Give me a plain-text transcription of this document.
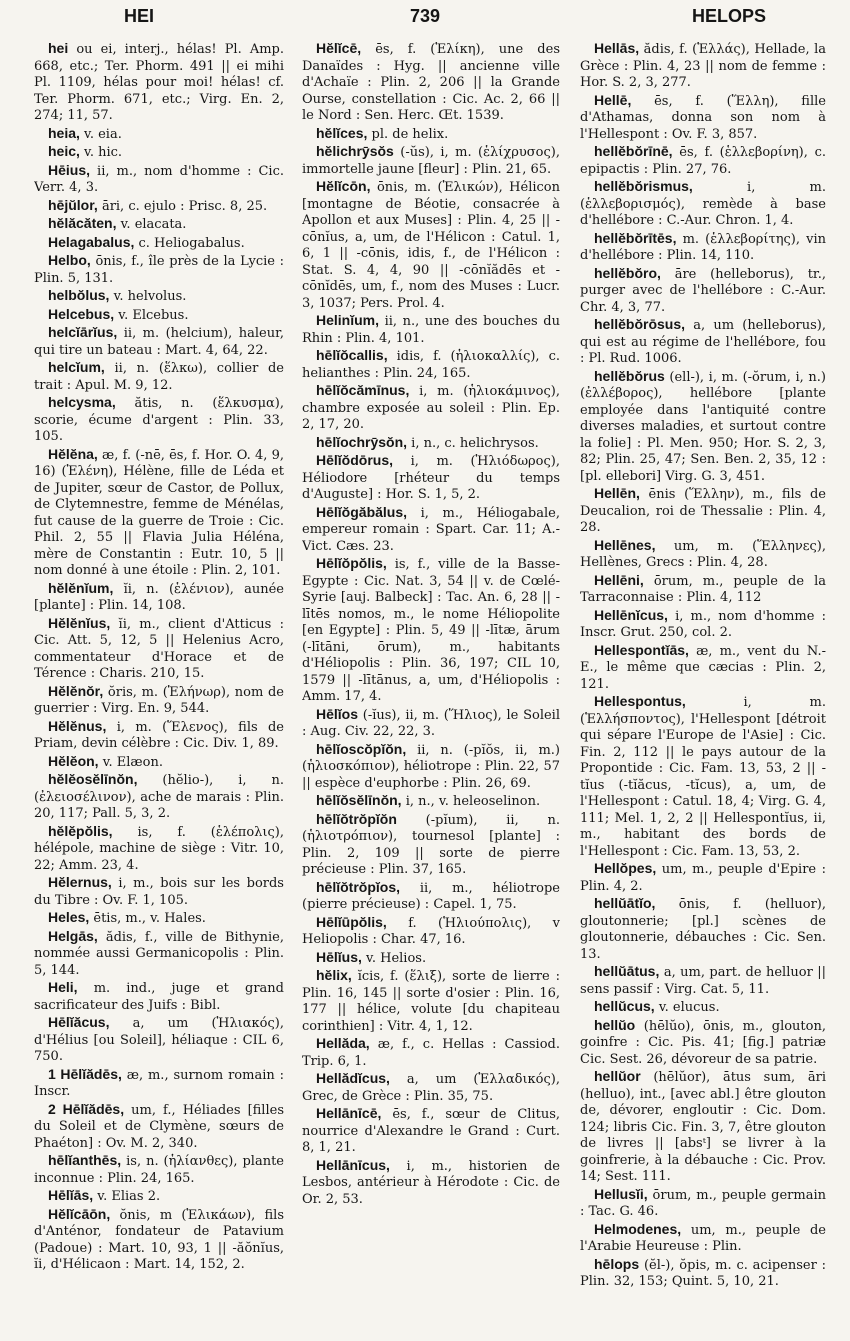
HEI	739	HELOPS

hei ou ei, interj., hélas! Pl. Amp. 668, etc.; Ter. Phorm. 491 || ei mihi Pl. 1109, hélas pour moi! hélas! cf. Ter. Phorm. 671, etc.; Virg. En. 2, 274; 11, 57.

heia, v. eia.

heic, v. hic.

Hēius, ii, m., nom d'homme : Cic. Verr. 4, 3.

hējŭlor, āri, c. ejulo : Prisc. 8, 25.

hĕlăcăten, v. elacata.

Helagabalus, c. Heliogabalus.

Helbo, ōnis, f., île près de la Lycie : Plin. 5, 131.

helbŏlus, v. helvolus.

Helcebus, v. Elcebus.

helcĭārĭus, ii, m. (helcium), haleur, qui tire un bateau : Mart. 4, 64, 22.

helcĭum, ii, n. (ἕλκω), collier de trait : Apul. M. 9, 12.

helcysma, ătis, n. (ἕλκυσμα), scorie, écume d'argent : Plin. 33, 105.

Hĕlĕna, æ, f. (-nē, ēs, f. Hor. O. 4, 9, 16) (Ἑλένη), Hélène, fille de Léda et de Jupiter, sœur de Castor, de Pollux, de Clytemnestre, femme de Ménélas, fut cause de la guerre de Troie : Cic. Phil. 2, 55 || Flavia Julia Héléna, mère de Constantin : Eutr. 10, 5 || nom donné à une étoile : Plin. 2, 101.

hĕlĕnĭum, ĭi, n. (ἑλένιον), aunée [plante] : Plin. 14, 108.

Hĕlĕnĭus, ĭi, m., client d'Atticus : Cic. Att. 5, 12, 5 || Helenius Acro, commentateur d'Horace et de Térence : Charis. 210, 15.

Hĕlĕnŏr, ŏris, m. (Ἑλήνωρ), nom de guerrier : Virg. En. 9, 544.

Hĕlĕnus, i, m. (Ἕλενος), fils de Priam, devin célèbre : Cic. Div. 1, 89.

Hĕlĕon, v. Elæon.

hĕlĕosĕlīnŏn, (hĕlio-), i, n. (ἐλειοσέλινον), ache de marais : Plin. 20, 117; Pall. 5, 3, 2.

hĕlĕpŏlis, is, f. (ἑλέπολις), hélépole, machine de siège : Vitr. 10, 22; Amm. 23, 4.

Hĕlernus, i, m., bois sur les bords du Tibre : Ov. F. 1, 105.

Heles, ētis, m., v. Hales.

Helgās, ădis, f., ville de Bithynie, nommée aussi Germanicopolis : Plin. 5, 144.

Heli, m. ind., juge et grand sacrificateur des Juifs : Bibl.

Hēlĭăcus, a, um (Ἡλιακός), d'Hélius [ou Soleil], héliaque : CIL 6, 750.

1 Hēlĭădēs, æ, m., surnom romain : Inscr.

2 Hēlĭădēs, um, f., Héliades [filles du Soleil et de Clymène, sœurs de Phaéton] : Ov. M. 2, 340.

hēlĭanthēs, is, n. (ἡλίανθες), plante inconnue : Plin. 24, 165.

Hēlĭās, v. Elias 2.

Hĕlĭcāōn, ŏnis, m (Ἑλικάων), fils d'Anténor, fondateur de Patavium (Padoue) : Mart. 10, 93, 1 || -ăŏnĭus, ĭi, d'Hélicaon : Mart. 14, 152, 2.

Hĕlĭcē, ēs, f. (Ἑλίκη), une des Danaïdes : Hyg. || ancienne ville d'Achaïe : Plin. 2, 206 || la Grande Ourse, constellation : Cic. Ac. 2, 66 || le Nord : Sen. Herc. Œt. 1539.

hĕlĭces, pl. de helix.

hĕlichrȳsŏs (-ŭs), i, m. (ἑλίχρυσος), immortelle jaune [fleur] : Plin. 21, 65.

Hĕlĭcōn, ōnis, m. (Ἑλικών), Hélicon [montagne de Béotie, consacrée à Apollon et aux Muses] : Plin. 4, 25 || -cōnĭus, a, um, de l'Hélicon : Catul. 1, 6, 1 || -cōnis, idis, f., de l'Hélicon : Stat. S. 4, 4, 90 || -cōnĭădēs et -cōnĭdēs, um, f., nom des Muses : Lucr. 3, 1037; Pers. Prol. 4.

Helinĭum, ii, n., une des bouches du Rhin : Plin. 4, 101.

hēlĭŏcallis, idis, f. (ἡλιοκαλλίς), c. helianthes : Plin. 24, 165.

hēlĭŏcămīnus, i, m. (ἡλιοκάμινος), chambre exposée au soleil : Plin. Ep. 2, 17, 20.

hēlĭochrȳsŏn, i, n., c. helichrysos.

Hēlĭŏdōrus, i, m. (Ἡλιόδωρος), Héliodore [rhéteur du temps d'Auguste] : Hor. S. 1, 5, 2.

Hēlĭŏgăbălus, i, m., Héliogabale, empereur romain : Spart. Car. 11; A.-Vict. Cæs. 23.

Hēlĭŏpŏlis, is, f., ville de la Basse-Egypte : Cic. Nat. 3, 54 || v. de Cœlé-Syrie [auj. Balbeck] : Tac. An. 6, 28 || -lītēs nomos, m., le nome Héliopolite [en Egypte] : Plin. 5, 49 || -lītæ, ārum (-lītāni, ōrum), m., habitants d'Héliopolis : Plin. 36, 197; CIL 10, 1579 || -lītānus, a, um, d'Héliopolis : Amm. 17, 4.

Hēlĭos (-ĭus), ii, m. (Ἥλιος), le Soleil : Aug. Civ. 22, 22, 3.

hēlĭoscŏpĭŏn, ii, n. (-pĭŏs, ii, m.) (ἡλιοσκόπιον), héliotrope : Plin. 22, 57 || espèce d'euphorbe : Plin. 26, 69.

hēlĭŏsĕlīnŏn, i, n., v. heleoselinon.

hēlĭŏtrŏpĭŏn (-pĭum), ii, n. (ἡλιοτρόπιον), tournesol [plante] : Plin. 2, 109 || sorte de pierre précieuse : Plin. 37, 165.

hēlĭŏtrŏpĭos, ii, m., héliotrope (pierre précieuse) : Capel. 1, 75.

Hēlĭūpŏlis, f. (Ἡλιούπολις), v Heliopolis : Char. 47, 16.

Hēlĭus, v. Helios.

hĕlix, ĭcis, f. (ἕλιξ), sorte de lierre : Plin. 16, 145 || sorte d'osier : Plin. 16, 177 || hélice, volute [du chapiteau corinthien] : Vitr. 4, 1, 12.

Hellăda, æ, f., c. Hellas : Cassiod. Trip. 6, 1.

Hellădĭcus, a, um (Ἑλλαδικός), Grec, de Grèce : Plin. 35, 75.

Hellānīcē, ēs, f., sœur de Clitus, nourrice d'Alexandre le Grand : Curt. 8, 1, 21.

Hellānīcus, i, m., historien de Lesbos, antérieur à Hérodote : Cic. de Or. 2, 53.

Hellās, ădis, f. (Ἑλλάς), Hellade, la Grèce : Plin. 4, 23 || nom de femme : Hor. S. 2, 3, 277.

Hellē, ēs, f. (Ἕλλη), fille d'Athamas, donna son nom à l'Hellespont : Ov. F. 3, 857.

hellĕbŏrīnē, ēs, f. (ἑλλεβορίνη), c. epipactis : Plin. 27, 76.

hellĕbŏrismus,	i, m. (ἑλλεβορισμός), remède à base d'hellébore : C.-Aur. Chron. 1, 4.

hellĕbŏrītēs, m. (ἑλλεβορίτης), vin d'hellébore : Plin. 14, 110.

hellĕbŏro, āre (helleborus), tr., purger avec de l'hellébore : C.-Aur. Chr. 4, 3, 77.

hellĕbŏrōsus, a, um (helleborus), qui est au régime de l'hellébore, fou : Pl. Rud. 1006.

hellĕbŏrus (ell-), i, m. (-ŏrum, i, n.) (ἐλλέβορος), hellébore [plante employée dans l'antiquité contre diverses maladies, et surtout contre la folie] : Pl. Men. 950; Hor. S. 2, 3, 82; Plin. 25, 47; Sen. Ben. 2, 35, 12 : [pl. ellebori] Virg. G. 3, 451.

Hellēn, ēnis (Ἕλλην), m., fils de Deucalion, roi de Thessalie : Plin. 4, 28.

Hellēnes, um, m. (Ἕλληνες), Hellènes, Grecs : Plin. 4, 28.

Hellēni, ōrum, m., peuple de la Tarraconnaise : Plin. 4, 112

Hellēnĭcus, i, m., nom d'homme : Inscr. Grut. 250, col. 2.

Hellespontĭās, æ, m., vent du N.-E., le même que cæcias : Plin. 2, 121.

Hellespontus,	i, m. (Ἑλλήσποντος), l'Hellespont [détroit qui sépare l'Europe de l'Asie] : Cic. Fin. 2, 112 || le pays autour de la Propontide : Cic. Fam. 13, 53, 2 || -tĭus (-tĭăcus, -tĭcus), a, um, de l'Hellespont : Catul. 18, 4; Virg. G. 4, 111; Mel. 1, 2, 2 || Hellespontĭus, ii, m., habitant des bords de l'Hellespont : Cic. Fam. 13, 53, 2.

Hellŏpes, um, m., peuple d'Epire : Plin. 4, 2.

hellŭātĭo, ōnis, f. (helluor), gloutonnerie; [pl.] scènes de gloutonnerie, débauches : Cic. Sen. 13.

hellŭātus, a, um, part. de helluor || sens passif : Virg. Cat. 5, 11.

hellŭcus, v. elucus.

hellŭo (hēlŭo), ōnis, m., glouton, goinfre : Cic. Pis. 41; [fig.] patriæ Cic. Sest. 26, dévoreur de sa patrie.

hellŭor (hēlŭor), ātus sum, āri (helluo), int., [avec abl.] être glouton de, dévorer, engloutir : Cic. Dom. 124; libris Cic. Fin. 3, 7, être glouton de livres || [absᵗ] se livrer à la goinfrerie, à la débauche : Cic. Prov. 14; Sest. 111.

Hellusĭi, ōrum, m., peuple germain : Tac. G. 46.

Helmodenes, um, m., peuple de l'Arabie Heureuse : Plin.

hēlops (ĕl-), ŏpis, m. c. acipenser : Plin. 32, 153; Quint. 5, 10, 21.
